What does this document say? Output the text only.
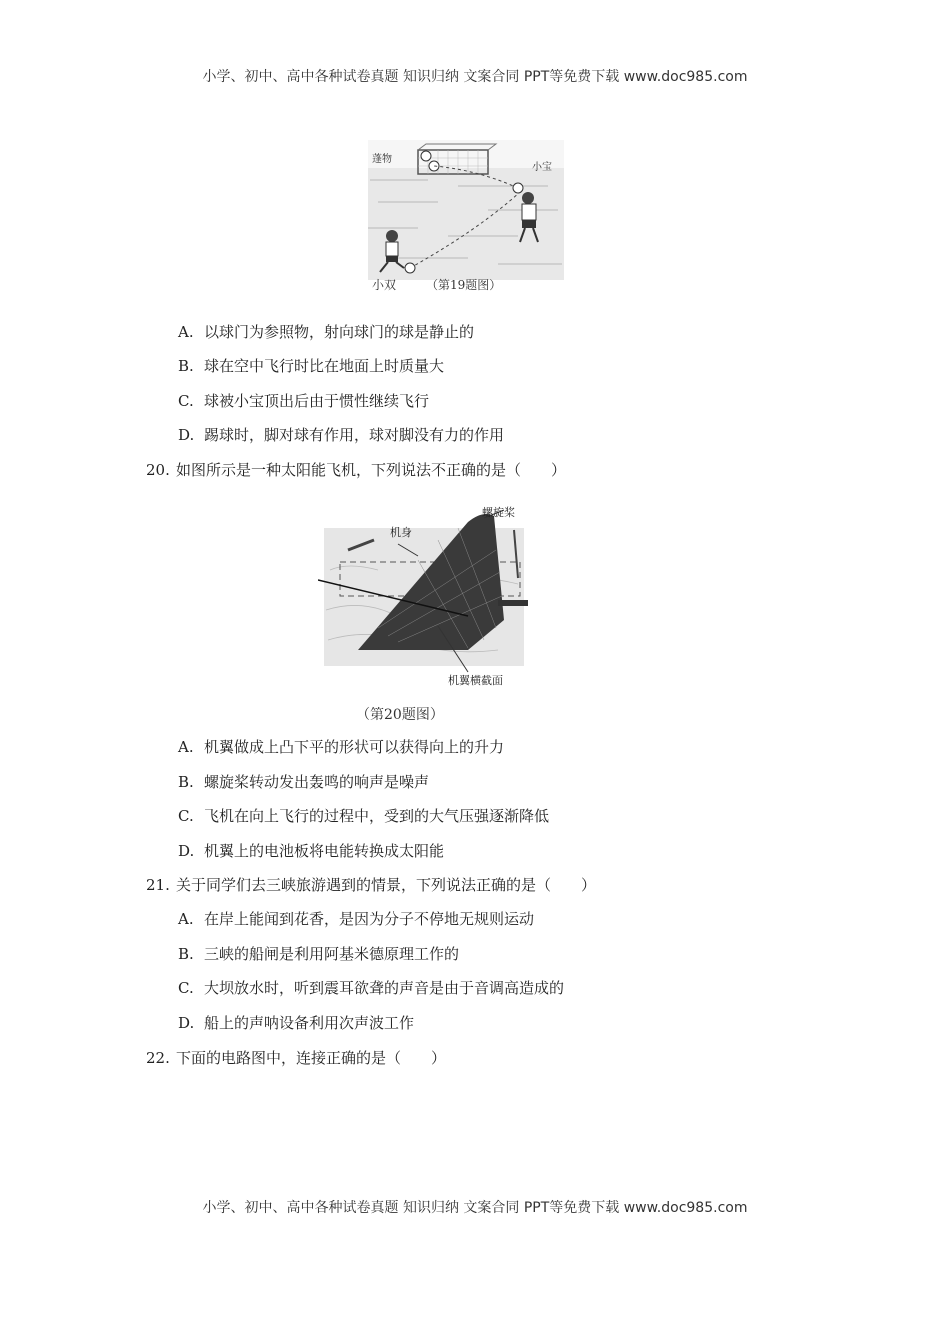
小学、初中、高中各种试卷真题 知识归纳 文案合同 PPT等免费下载 www.doc985.com
蓬物
小宝
小双 （第19题图）
A. 以球门为参照物，射向球门的球是静止的
B. 球在空中飞行时比在地面上时质量大
C. 球被小宝顶出后由于惯性继续飞行
D. 踢球时，脚对球有作用，球对脚没有力的作用
20. 如图所示是一种太阳能飞机，下列说法不正确的是（　　）
机身
螺旋桨
机翼横截面
（第20题图）
A. 机翼做成上凸下平的形状可以获得向上的升力
B. 螺旋桨转动发出轰鸣的响声是噪声
C. 飞机在向上飞行的过程中，受到的大气压强逐渐降低
D. 机翼上的电池板将电能转换成太阳能
21. 关于同学们去三峡旅游遇到的情景，下列说法正确的是（　　）
A. 在岸上能闻到花香，是因为分子不停地无规则运动
B. 三峡的船闸是利用阿基米德原理工作的
C. 大坝放水时，听到震耳欲聋的声音是由于音调高造成的
D. 船上的声呐设备利用次声波工作
22. 下面的电路图中，连接正确的是（　　）
小学、初中、高中各种试卷真题 知识归纳 文案合同 PPT等免费下载 www.doc985.com
